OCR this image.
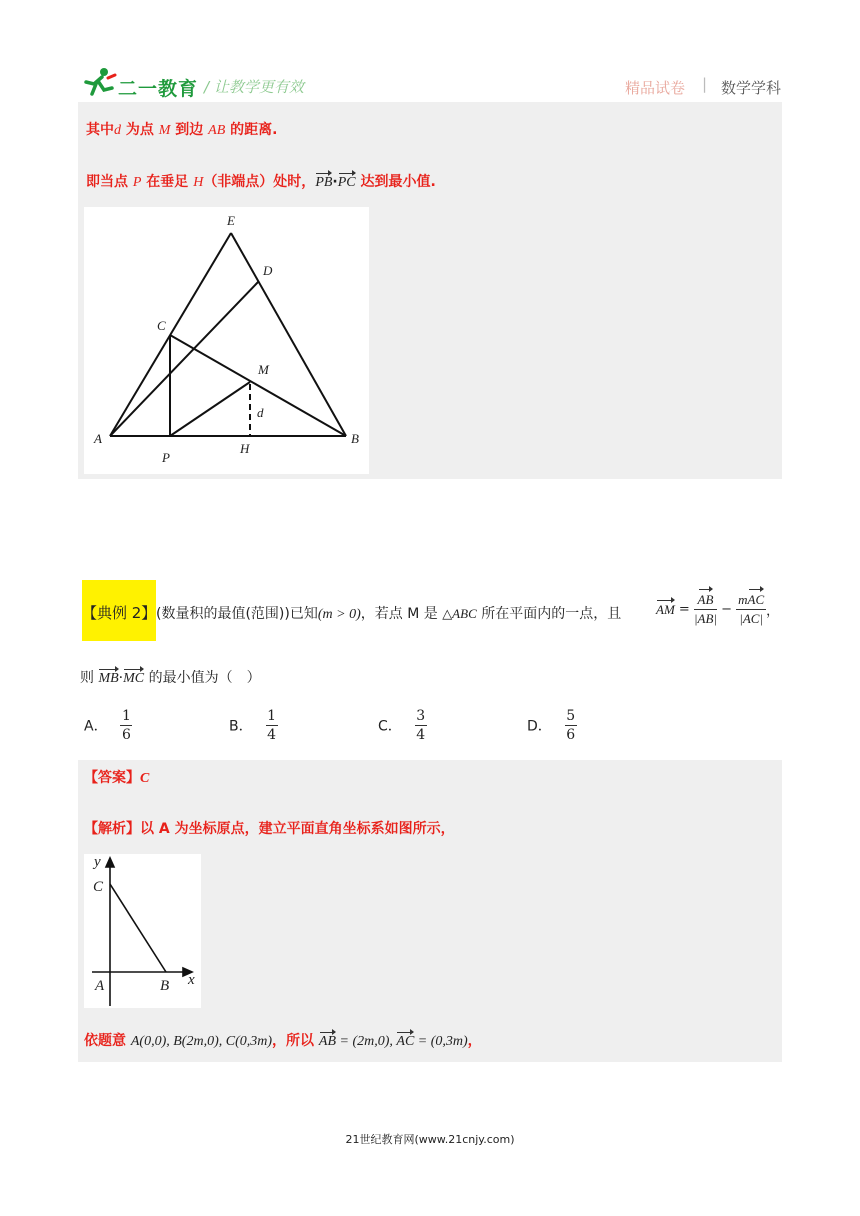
二一教育 / 让教学更有效	精品试卷 | 数学学科
其中d 为点 M 到边 AB 的距离.
即当点 P 在垂足 H（非端点）处时，PB·PC 达到最小值.
E
D
C
M
d
A	B
P
H
【典例 2】 (数量积的最值(范围))已知(m > 0)，若点 M 是 △ABC 所在平面内的一点，且	AM = $\frac{AB}{|AB|} - \frac{\text{mAC}}{|AC|}$ ，
则 MB·MC 的最小值为（　）
A． $\frac{1}{6}$	B． $\frac{1}{4}$	C． $\frac{3}{4}$	D． $\frac{5}{6}$
【答案】C
【解析】以 A 为坐标原点，建立平面直角坐标系如图所示，
y
C
A	B x
依题意 A(0,0), B(2m,0), C(0,3m)，所以 AB = (2m,0), AC = (0,3m)，
21世纪教育网(www.21cnjy.com)
